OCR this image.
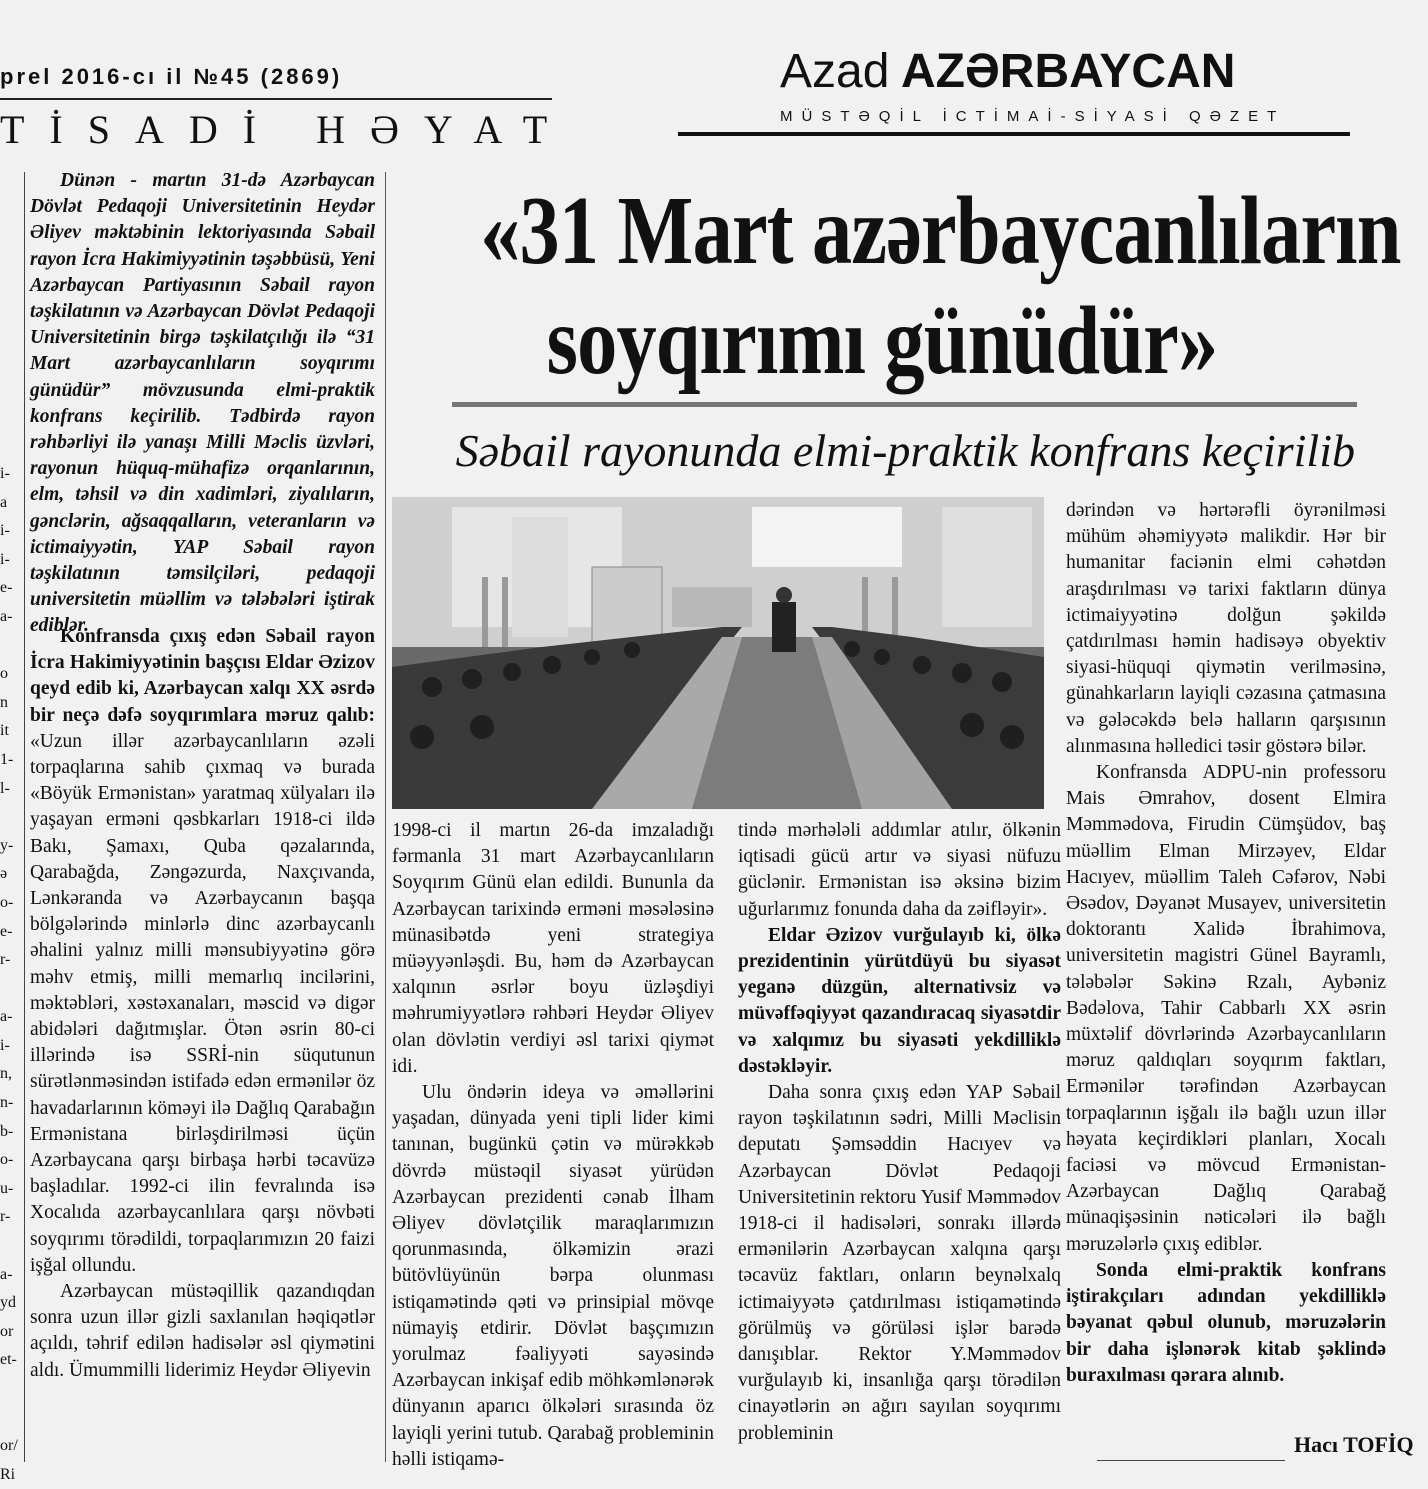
prel 2016-cı il №45 (2869)
TİSADİ HƏYAT
Azad AZƏRBAYCAN
MÜSTƏQİL İCTİMAİ-SİYASİ QƏZET
i-
a
i-
i-
e-
a-
o
n
it
1-
l-
y-
ə
o-
e-
r-
a-
i-
n,
n-
b-
o-
u-
r-
a-
yd
or
et-
or/
Ri

Dünən - martın 31-də Azərbaycan Dövlət Pedaqoji Universitetinin Heydər Əliyev məktəbinin lektoriyasında Səbail rayon İcra Hakimiyyətinin təşəbbüsü, Yeni Azərbaycan Partiyasının Səbail rayon təşkilatının və Azərbaycan Dövlət Pedaqoji Universitetinin birgə təşkilatçılığı ilə “31 Mart azərbaycanlıların soyqırımı günüdür” mövzusunda elmi-praktik konfrans keçirilib. Tədbirdə rayon rəhbərliyi ilə yanaşı Milli Məclis üzvləri, rayonun hüquq-mühafizə orqanlarının, elm, təhsil və din xadimləri, ziyalıların, gənclərin, ağsaqqalların, veteranların və ictimaiyyətin, YAP Səbail rayon təşkilatının təmsilçiləri, pedaqoji universitetin müəllim və tələbələri iştirak ediblər.

Konfransda çıxış edən Səbail rayon İcra Hakimiyyətinin başçısı Eldar Əzizov qeyd edib ki, Azərbaycan xalqı XX əsrdə bir neçə dəfə soyqırımlara məruz qalıb: «Uzun illər azərbaycanlıların əzəli torpaqlarına sahib çıxmaq və burada «Böyük Ermənistan» yaratmaq xülyaları ilə yaşayan erməni qəsbkarları 1918-ci ildə Bakı, Şamaxı, Quba qəzalarında, Qarabağda, Zəngəzurda, Naxçıvanda, Lənkəranda və Azərbaycanın başqa bölgələrində minlərlə dinc azərbaycanlı əhalini yalnız milli mənsubiyyətinə görə məhv etmiş, milli memarlıq incilərini, məktəbləri, xəstəxanaları, məscid və digər abidələri dağıtmışlar. Ötən əsrin 80-ci illərində isə SSRİ-nin süqutunun sürətlənməsindən istifadə edən ermənilər öz havadarlarının köməyi ilə Dağlıq Qarabağın Ermənistana birləşdirilməsi üçün Azərbaycana qarşı birbaşa hərbi təcavüzə başladılar. 1992-ci ilin fevralında isə Xocalıda azərbaycanlılara qarşı növbəti soyqırımı törədildi, torpaqlarımızın 20 faizi işğal ollundu.

Azərbaycan müstəqillik qazandıqdan sonra uzun illər gizli saxlanılan həqiqətlər açıldı, təhrif edilən hadisələr əsl qiymətini aldı. Ümummilli liderimiz Heydər Əliyevin

«31 Mart azərbaycanlıların
soyqırımı günüdür»
Səbail rayonunda elmi-praktik konfrans keçirilib

1998-ci il martın 26-da imzaladığı fərmanla 31 mart Azərbaycanlıların Soyqırım Günü elan edildi. Bununla da Azərbaycan tarixində erməni məsələsinə münasibətdə yeni strategiya müəyyənləşdi. Bu, həm də Azərbaycan xalqının əsrlər boyu üzləşdiyi məhrumiyyətlərə rəhbəri Heydər Əliyev olan dövlətin verdiyi əsl tarixi qiymət idi.

Ulu öndərin ideya və əməllərini yaşadan, dünyada yeni tipli lider kimi tanınan, bugünkü çətin və mürəkkəb dövrdə müstəqil siyasət yürüdən Azərbaycan prezidenti cənab İlham Əliyev dövlətçilik maraqlarımızın qorunmasında, ölkəmizin ərazi bütövlüyünün bərpa olunması istiqamətində qəti və prinsipial mövqe nümayiş etdirir. Dövlət başçımızın yorulmaz fəaliyyəti sayəsində Azərbaycan inkişaf edib möhkəmlənərək dünyanın aparıcı ölkələri sırasında öz layiqli yerini tutub. Qarabağ probleminin həlli istiqamə-

tində mərhələli addımlar atılır, ölkənin iqtisadi gücü artır və siyasi nüfuzu güclənir. Ermənistan isə əksinə bizim uğurlarımız fonunda daha da zəifləyir».

Eldar Əzizov vurğulayıb ki, ölkə prezidentinin yürütdüyü bu siyasət yeganə düzgün, alternativsiz və müvəffəqiyyət qazandıracaq siyasətdir və xalqımız bu siyasəti yekdilliklə dəstəkləyir.

Daha sonra çıxış edən YAP Səbail rayon təşkilatının sədri, Milli Məclisin deputatı Şəmsəddin Hacıyev və Azərbaycan Dövlət Pedaqoji Universitetinin rektoru Yusif Məmmədov 1918-ci il hadisələri, sonrakı illərdə ermənilərin Azərbaycan xalqına qarşı təcavüz faktları, onların beynəlxalq ictimaiyyətə çatdırılması istiqamətində görülmüş və görüləsi işlər barədə danışıblar. Rektor Y.Məmmədov vurğulayıb ki, insanlığa qarşı törədilən cinayətlərin ən ağırı sayılan soyqırımı probleminin

dərindən və hərtərəfli öyrənilməsi mühüm əhəmiyyətə malikdir. Hər bir humanitar faciənin elmi cəhətdən araşdırılması və tarixi faktların dünya ictimaiyyətinə dolğun şəkildə çatdırılması həmin hadisəyə obyektiv siyasi-hüquqi qiymətin verilməsinə, günahkarların layiqli cəzasına çatmasına və gələcəkdə belə halların qarşısının alınmasına həlledici təsir göstərə bilər.

Konfransda ADPU-nin professoru Mais Əmrahov, dosent Elmira Məmmədova, Firudin Cümşüdov, baş müəllim Elman Mirzəyev, Eldar Hacıyev, müəllim Taleh Cəfərov, Nəbi Əsədov, Dəyanət Musayev, universitetin doktorantı Xalidə İbrahimova, universitetin magistri Günel Bayramlı, tələbələr Səkinə Rzalı, Aybəniz Bədəlova, Tahir Cabbarlı XX əsrin müxtəlif dövrlərində Azərbaycanlıların məruz qaldıqları soyqırım faktları, Ermənilər tərəfindən Azərbaycan torpaqlarının işğalı ilə bağlı uzun illər həyata keçirdikləri planları, Xocalı faciəsi və mövcud Ermənistan-Azərbaycan Dağlıq Qarabağ münaqişəsinin nəticələri ilə bağlı məruzələrlə çıxış ediblər.

Sonda elmi-praktik konfrans iştirakçıları adından yekdilliklə bəyanat qəbul olunub, məruzələrin bir daha işlənərək kitab şəklində buraxılması qərara alınıb.

Hacı TOFİQ
